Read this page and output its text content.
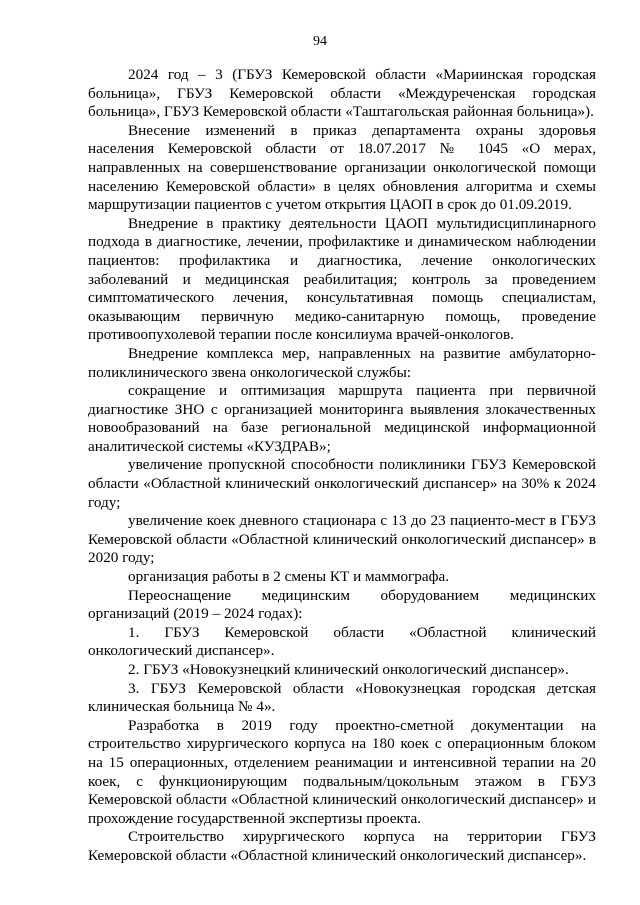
94

2024 год – 3 (ГБУЗ Кемеровской области «Мариинская городская больница», ГБУЗ Кемеровской области «Междуреченская городская больница», ГБУЗ Кемеровской области «Таштагольская районная больница»).

Внесение изменений в приказ департамента охраны здоровья населения Кемеровской области от 18.07.2017 № 1045 «О мерах, направленных на совершенствование организации онкологической помощи населению Кемеровской области» в целях обновления алгоритма и схемы маршрутизации пациентов с учетом открытия ЦАОП в срок до 01.09.2019.

Внедрение в практику деятельности ЦАОП мультидисциплинарного подхода в диагностике, лечении, профилактике и динамическом наблюдении пациентов: профилактика и диагностика, лечение онкологических заболеваний и медицинская реабилитация; контроль за проведением симптоматического лечения, консультативная помощь специалистам, оказывающим первичную медико-санитарную помощь, проведение противоопухолевой терапии после консилиума врачей-онкологов.

Внедрение комплекса мер, направленных на развитие амбулаторно-поликлинического звена онкологической службы:

сокращение и оптимизация маршрута пациента при первичной диагностике ЗНО с организацией мониторинга выявления злокачественных новообразований на базе региональной медицинской информационной аналитической системы «КУЗДРАВ»;

увеличение пропускной способности поликлиники ГБУЗ Кемеровской области «Областной клинический онкологический диспансер» на 30% к 2024 году;

увеличение коек дневного стационара с 13 до 23 пациенто-мест в ГБУЗ Кемеровской области «Областной клинический онкологический диспансер» в 2020 году;

организация работы в 2 смены КТ и маммографа.

Переоснащение медицинским оборудованием медицинских организаций (2019 – 2024 годах):

1. ГБУЗ Кемеровской области «Областной клинический онкологический диспансер».

2. ГБУЗ «Новокузнецкий клинический онкологический диспансер».

3. ГБУЗ Кемеровской области «Новокузнецкая городская детская клиническая больница № 4».

Разработка в 2019 году проектно-сметной документации на строительство хирургического корпуса на 180 коек с операционным блоком на 15 операционных, отделением реанимации и интенсивной терапии на 20 коек, с функционирующим подвальным/цокольным этажом в ГБУЗ Кемеровской области «Областной клинический онкологический диспансер» и прохождение государственной экспертизы проекта.

Строительство хирургического корпуса на территории ГБУЗ Кемеровской области «Областной клинический онкологический диспансер».
